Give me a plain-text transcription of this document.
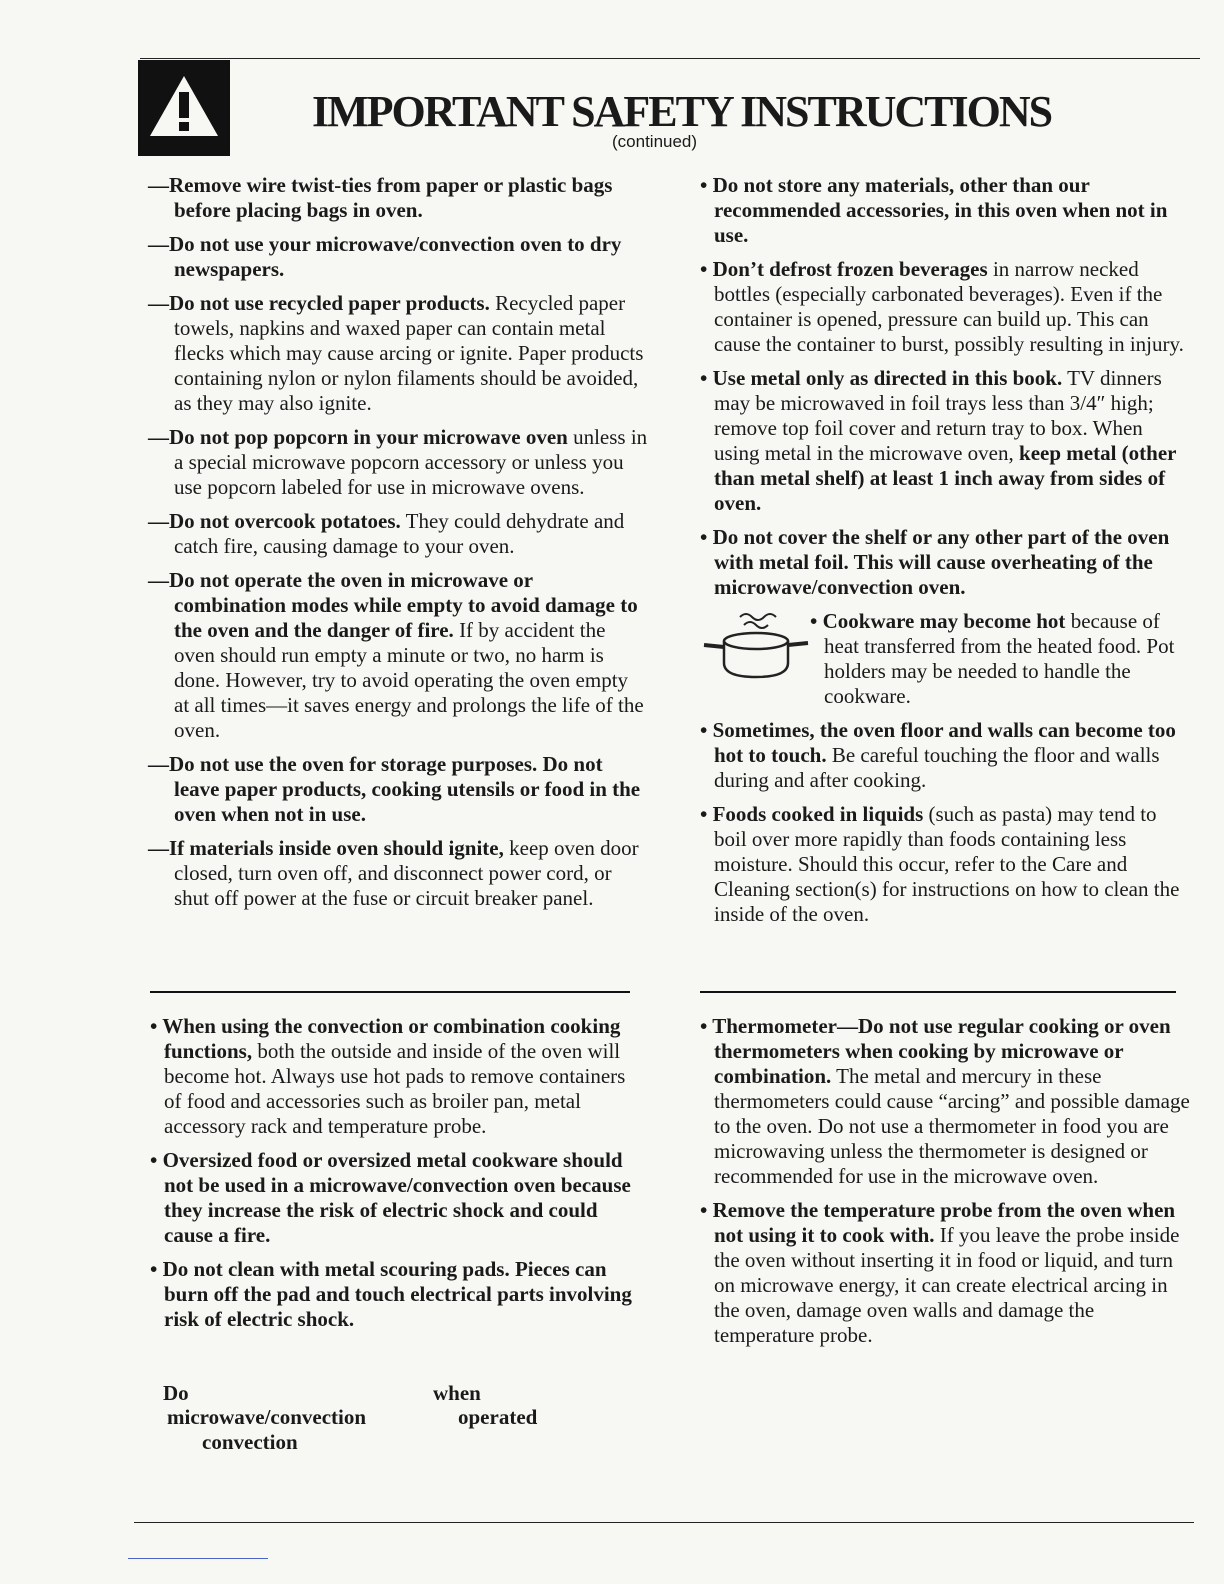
IMPORTANT SAFETY INSTRUCTIONS
(continued)

—Remove wire twist-ties from paper or plastic bags before placing bags in oven.

—Do not use your microwave/convection oven to dry newspapers.

—Do not use recycled paper products. Recycled paper towels, napkins and waxed paper can contain metal flecks which may cause arcing or ignite. Paper products containing nylon or nylon filaments should be avoided, as they may also ignite.

—Do not pop popcorn in your microwave oven unless in a special microwave popcorn accessory or unless you use popcorn labeled for use in microwave ovens.

—Do not overcook potatoes. They could dehydrate and catch fire, causing damage to your oven.

—Do not operate the oven in microwave or combination modes while empty to avoid damage to the oven and the danger of fire. If by accident the oven should run empty a minute or two, no harm is done. However, try to avoid operating the oven empty at all times—it saves energy and prolongs the life of the oven.

—Do not use the oven for storage purposes. Do not leave paper products, cooking utensils or food in the oven when not in use.

—If materials inside oven should ignite, keep oven door closed, turn oven off, and disconnect power cord, or shut off power at the fuse or circuit breaker panel.

• Do not store any materials, other than our recommended accessories, in this oven when not in use.

• Don’t defrost frozen beverages in narrow necked bottles (especially carbonated beverages). Even if the container is opened, pressure can build up. This can cause the container to burst, possibly resulting in injury.

• Use metal only as directed in this book. TV dinners may be microwaved in foil trays less than 3/4″ high; remove top foil cover and return tray to box. When using metal in the microwave oven, keep metal (other than metal shelf) at least 1 inch away from sides of oven.

• Do not cover the shelf or any other part of the oven with metal foil. This will cause overheating of the microwave/convection oven.

• Cookware may become hot because of heat transferred from the heated food. Pot holders may be needed to handle the cookware.

• Sometimes, the oven floor and walls can become too hot to touch. Be careful touching the floor and walls during and after cooking.

• Foods cooked in liquids (such as pasta) may tend to boil over more rapidly than foods containing less moisture. Should this occur, refer to the Care and Cleaning section(s) for instructions on how to clean the inside of the oven.

• When using the convection or combination cooking functions, both the outside and inside of the oven will become hot. Always use hot pads to remove containers of food and accessories such as broiler pan, metal accessory rack and temperature probe.

• Oversized food or oversized metal cookware should not be used in a microwave/convection oven because they increase the risk of electric shock and could cause a fire.

• Do not clean with metal scouring pads. Pieces can burn off the pad and touch electrical parts involving risk of electric shock.

Do	when
microwave/convection	operated
convection

• Thermometer—Do not use regular cooking or oven thermometers when cooking by microwave or combination. The metal and mercury in these thermometers could cause “arcing” and possible damage to the oven. Do not use a thermometer in food you are microwaving unless the thermometer is designed or recommended for use in the microwave oven.

• Remove the temperature probe from the oven when not using it to cook with. If you leave the probe inside the oven without inserting it in food or liquid, and turn on microwave energy, it can create electrical arcing in the oven, damage oven walls and damage the temperature probe.
